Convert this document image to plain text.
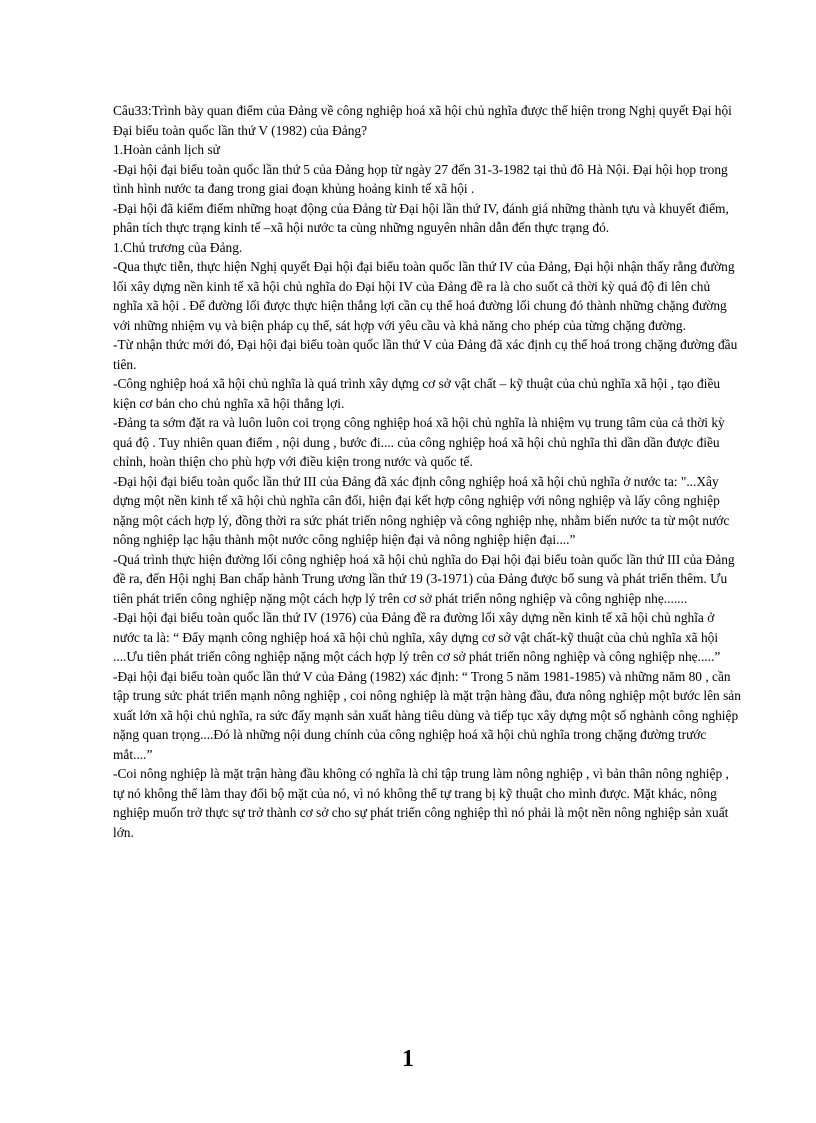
Câu33:Trình bày quan điểm của Đảng về công nghiệp hoá xã hội chủ nghĩa được thể hiện trong Nghị quyết Đại hội Đại biểu toàn quốc lần thứ V (1982) của Đảng?

1.Hoàn cảnh lịch sử

-Đại hội đại biểu toàn quốc lần thứ 5 của Đảng họp từ ngày 27 đến 31-3-1982 tại thủ đô Hà Nội. Đại hội họp trong tình hình nước ta đang trong giai đoạn khủng hoảng kinh tế xã hội .

-Đại hội đã kiểm điểm những hoạt động của Đảng từ Đại hội lần thứ IV, đánh giá những thành tựu và khuyết điểm, phân tích thực trạng kinh tế –xã hội nước ta cùng những nguyên nhân dẫn đến thực trạng đó.

1.Chủ trương của Đảng.

-Qua thực tiễn, thực hiện Nghị quyết Đại hội đại biểu toàn quốc lần thứ IV của Đảng, Đại hội nhận thấy rằng đường lối xây dựng nền kinh tế xã hội chủ nghĩa do Đại hội IV của Đảng đề ra là cho suốt cả thời kỳ quá độ đi lên chủ nghĩa xã hội . Để đường lối được thực hiện thắng lợi cần cụ thể hoá đường lối chung đó thành những chặng đường với những nhiệm vụ và biện pháp cụ thể, sát hợp với yêu cầu và khả năng cho phép của từng chặng đường.

-Từ nhận thức mới đó, Đại hội đại biểu toàn quốc lần thứ V của Đảng đã xác định cụ thể hoá trong chặng đường đầu tiên.

-Công nghiệp hoá xã hội chủ nghĩa là quá trình xây dựng cơ sở vật chất – kỹ thuật của chủ nghĩa xã hội , tạo điều kiện cơ bản cho chủ nghĩa xã hội thắng lợi.

-Đảng ta sớm đặt ra và luôn luôn coi trọng công nghiệp hoá xã hội chủ nghĩa là nhiệm vụ trung tâm của cả thời kỳ quá độ . Tuy nhiên quan điểm , nội dung , bước đi.... của công nghiệp hoá xã hội chủ nghĩa thì dần dần được điều chỉnh, hoàn thiện cho phù hợp với điều kiện trong nước và quốc tế.

-Đại hội đại biểu toàn quốc lần thứ III của Đảng đã xác định công nghiệp hoá xã hội chủ nghĩa ở nước ta: "...Xây dựng một nền kinh tế xã hội chủ nghĩa cân đối, hiện đại kết hợp công nghiệp với nông nghiệp và lấy công nghiệp nặng một cách hợp lý, đồng thời ra sức phát triển nông nghiệp và công nghiệp nhẹ, nhằm biến nước ta từ một nước nông nghiệp lạc hậu thành một nước công nghiệp hiện đại và nông nghiệp hiện đại....”

-Quá trình thực hiện đường lối công nghiệp hoá xã hội chủ nghĩa do Đại hội đại biểu toàn quốc lần thứ III của Đảng đề ra, đến Hội nghị Ban chấp hành Trung ương lần thứ 19 (3-1971) của Đảng được bổ sung và phát triển thêm. Ưu tiên phát triển công nghiệp nặng một cách hợp lý trên cơ sở phát triển nông nghiệp và công nghiệp nhẹ.......

-Đại hội đại biểu toàn quốc lần thứ IV (1976) của Đảng đề ra đường lối xây dựng nền kinh tế xã hội chủ nghĩa ở nước ta là: “ Đẩy mạnh công nghiệp hoá xã hội chủ nghĩa, xây dựng cơ sở vật chất-kỹ thuật của chủ nghĩa xã hội ....Ưu tiên phát triển công nghiệp nặng một cách hợp lý trên cơ sở phát triển nông nghiệp và công nghiệp nhẹ.....”

-Đại hội đại biểu toàn quốc lần thứ V của Đảng (1982) xác định: “ Trong 5 năm 1981-1985) và những năm 80 , cần tập trung sức phát triển mạnh nông nghiệp , coi nông nghiệp là mặt trận hàng đầu, đưa nông nghiệp một bước lên sản xuất lớn xã hội chủ nghĩa, ra sức đẩy mạnh sản xuất hàng tiêu dùng và tiếp tục xây dựng một số nghành công nghiệp nặng quan trọng....Đó là những nội dung chính của công nghiệp hoá xã hội chủ nghĩa trong chặng đường trước mắt....”

-Coi nông nghiệp là mặt trận hàng đầu không có nghĩa là chỉ tập trung làm nông nghiệp , vì bản thân nông nghiệp , tự nó không thể làm thay đổi bộ mặt của nó, vì nó không thể tự trang bị kỹ thuật cho mình được. Mặt khác, nông nghiệp muốn trở thực sự trở thành cơ sở cho sự phát triển công nghiệp thì nó phải là một nền nông nghiệp sản xuất lớn.

1
